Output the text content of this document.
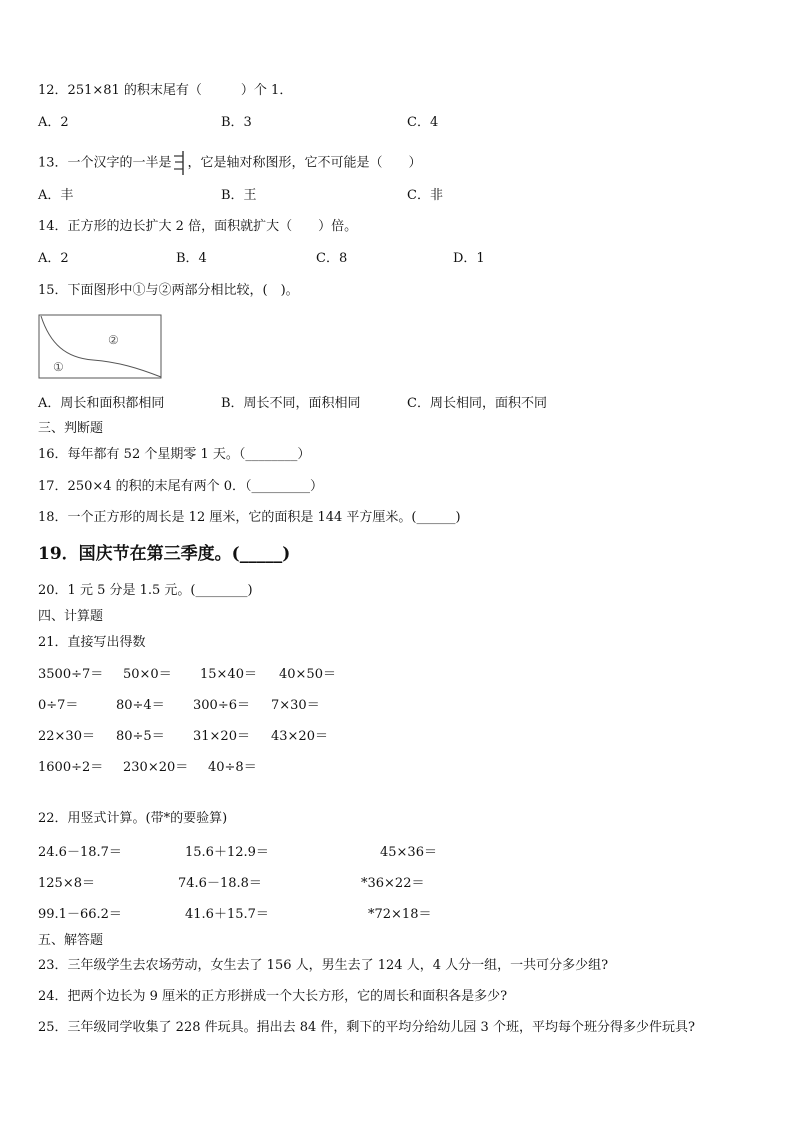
12．251×81 的积末尾有（　　　）个 1．
A．2	B．3	C．4
13．一个汉字的一半是 ，它是轴对称图形，它不可能是（　　）
A．丰	B．王	C．非
14．正方形的边长扩大 2 倍，面积就扩大（　　）倍。
A．2	B．4	C．8	D．1
15．下面图形中①与②两部分相比较，(　)。
①
②
A．周长和面积都相同	B．周长不同，面积相同	C．周长相同，面积不同
三、判断题
16．每年都有 52 个星期零 1 天。（________）
17．250×4 的积的末尾有两个 0．（_________）
18．一个正方形的周长是 12 厘米，它的面积是 144 平方厘米。(______)
19．国庆节在第三季度。(_____)
20．1 元 5 分是 1.5 元。(________)
四、计算题
21．直接写出得数
3500÷7＝ 50×0＝ 15×40＝ 40×50＝
0÷7＝	80÷4＝ 300÷6＝ 7×30＝
22×30＝ 80÷5＝ 31×20＝ 43×20＝
1600÷2＝ 230×20＝ 40÷8＝
22．用竖式计算。(带*的要验算)
24.6－18.7＝	15.6＋12.9＝	45×36＝
125×8＝	74.6－18.8＝	*36×22＝
99.1－66.2＝	41.6＋15.7＝	*72×18＝
五、解答题
23．三年级学生去农场劳动，女生去了 156 人，男生去了 124 人，4 人分一组，一共可分多少组?
24．把两个边长为 9 厘米的正方形拼成一个大长方形，它的周长和面积各是多少?
25．三年级同学收集了 228 件玩具。捐出去 84 件，剩下的平均分给幼儿园 3 个班，平均每个班分得多少件玩具?
